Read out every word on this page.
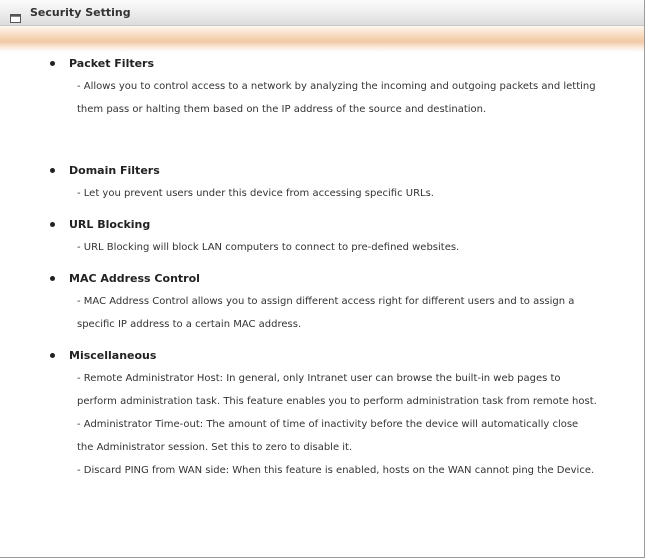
Security Setting
Packet Filters

- Allows you to control access to a network by analyzing the incoming and outgoing packets and letting them pass or halting them based on the IP address of the source and destination.

Domain Filters

- Let you prevent users under this device from accessing specific URLs.

URL Blocking

- URL Blocking will block LAN computers to connect to pre-defined websites.

MAC Address Control

- MAC Address Control allows you to assign different access right for different users and to assign a specific IP address to a certain MAC address.

Miscellaneous

- Remote Administrator Host: In general, only Intranet user can browse the built-in web pages to perform administration task. This feature enables you to perform administration task from remote host.

- Administrator Time-out: The amount of time of inactivity before the device will automatically close the Administrator session. Set this to zero to disable it.

- Discard PING from WAN side: When this feature is enabled, hosts on the WAN cannot ping the Device.
